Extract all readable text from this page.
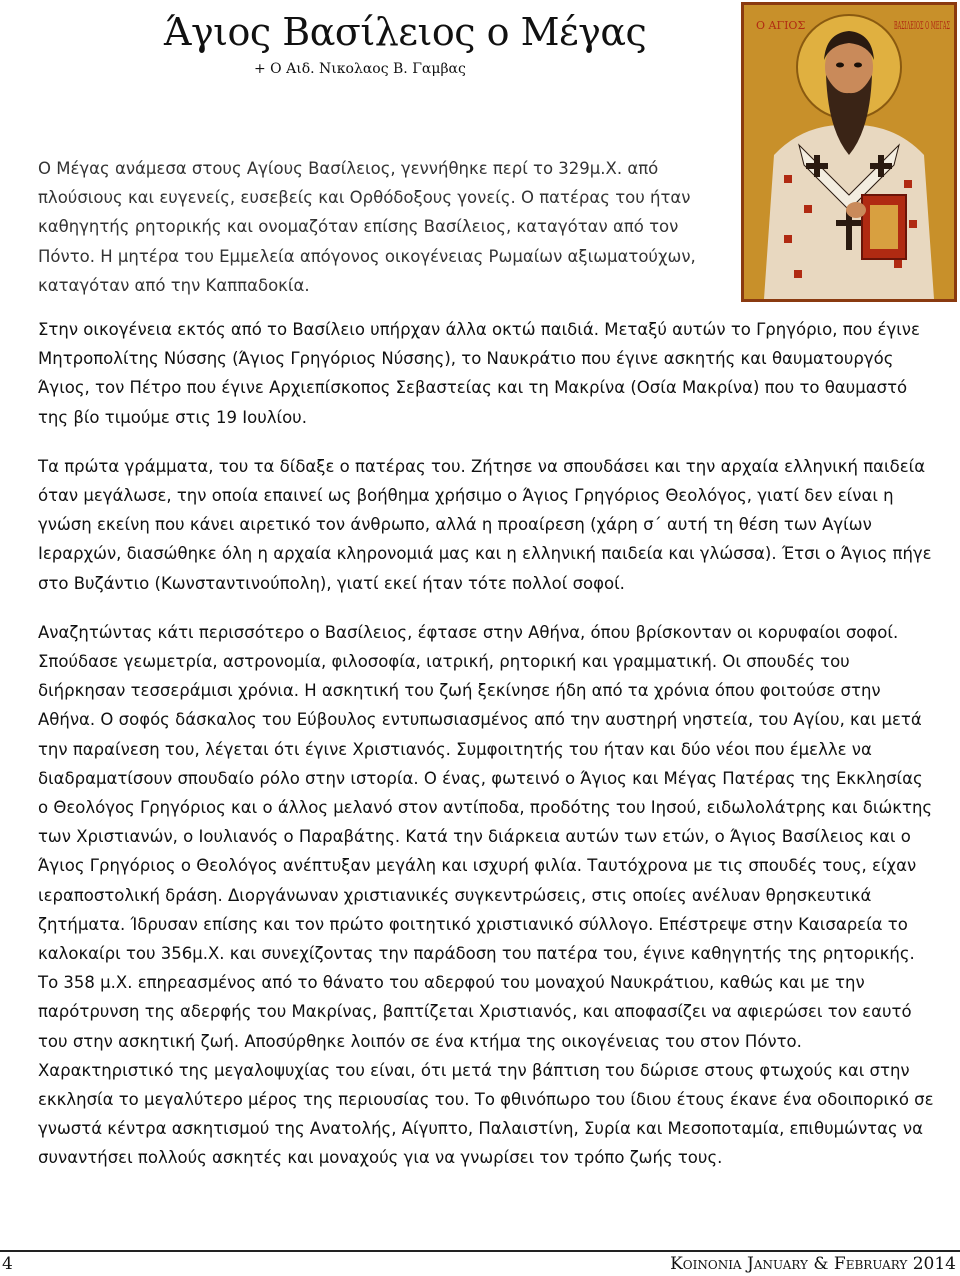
Άγιος Βασίλειος ο Μέγας
+ Ο Αιδ. Νικολαος Β. Γαμβας
Ο ΑΓΙΟΣ	ΒΑΣΙΛΕΙΟΣ Ο ΜΕΓΑΣ

Ο Μέγας ανάμεσα στους Αγίους Βασίλειος, γεννήθηκε περί το 329μ.Χ. από πλούσιους και ευγενείς, ευσεβείς και Ορθόδοξους γονείς. Ο πατέρας του ήταν καθηγητής ρητορικής και ονομαζόταν επίσης Βασίλειος, καταγόταν από τον Πόντο. Η μητέρα του Εμμελεία απόγονος οικογένειας Ρωμαίων αξιωματούχων, καταγόταν από την Καππαδοκία.

Στην οικογένεια εκτός από το Βασίλειο υπήρχαν άλλα οκτώ παιδιά. Μεταξύ αυτών το Γρηγόριο, που έγινε Μητροπολίτης Νύσσης (Άγιος Γρηγόριος Νύσσης), το Ναυκράτιο που έγινε ασκητής και θαυματουργός Άγιος, τον Πέτρο που έγινε Αρχιεπίσκοπος Σεβαστείας και τη Μακρίνα (Οσία Μακρίνα) που το θαυμαστό της βίο τιμούμε στις 19 Ιουλίου.

Τα πρώτα γράμματα, του τα δίδαξε ο πατέρας του. Ζήτησε να σπουδάσει και την αρχαία ελληνική παιδεία όταν μεγάλωσε, την οποία επαινεί ως βοήθημα χρήσιμο ο Άγιος Γρηγόριος Θεολόγος, γιατί δεν είναι η γνώση εκείνη που κάνει αιρετικό τον άνθρωπο, αλλά η προαίρεση (χάρη σ΄ αυτή τη θέση των Αγίων Ιεραρχών, διασώθηκε όλη η αρχαία κληρονομιά μας και η ελληνική παιδεία και γλώσσα). Έτσι ο Άγιος πήγε στο Βυζάντιο (Κωνσταντινούπολη), γιατί εκεί ήταν τότε πολλοί σοφοί.

Αναζητώντας κάτι περισσότερο ο Βασίλειος, έφτασε στην Αθήνα, όπου βρίσκονταν οι κορυφαίοι σοφοί. Σπούδασε γεωμετρία, αστρονομία, φιλοσοφία, ιατρική, ρητορική και γραμματική. Οι σπουδές του διήρκησαν τεσσεράμισι χρόνια. Η ασκητική του ζωή ξεκίνησε ήδη από τα χρόνια όπου φοιτούσε στην Αθήνα. Ο σοφός δάσκαλος του Εύβουλος εντυπωσιασμένος από την αυστηρή νηστεία, του Αγίου, και μετά την παραίνεση του, λέγεται ότι έγινε Χριστιανός. Συμφοιτητής του ήταν και δύο νέοι που έμελλε να διαδραματίσουν σπουδαίο ρόλο στην ιστορία. Ο ένας, φωτεινό ο Άγιος και Μέγας Πατέρας της Εκκλησίας ο Θεολόγος Γρηγόριος και ο άλλος μελανό στον αντίποδα, προδότης του Ιησού, ειδωλολάτρης και διώκτης των Χριστιανών, ο Ιουλιανός ο Παραβάτης. Κατά την διάρκεια αυτών των ετών, ο Άγιος Βασίλειος και ο Άγιος Γρηγόριος ο Θεολόγος ανέπτυξαν μεγάλη και ισχυρή φιλία. Ταυτόχρονα με τις σπουδές τους, είχαν ιεραποστολική δράση. Διοργάνωναν χριστιανικές συγκεντρώσεις, στις οποίες ανέλυαν θρησκευτικά ζητήματα. Ίδρυσαν επίσης και τον πρώτο φοιτητικό χριστιανικό σύλλογο. Επέστρεψε στην Καισαρεία το καλοκαίρι του 356μ.Χ. και συνεχίζοντας την παράδοση του πατέρα του, έγινε καθηγητής της ρητορικής. Το 358 μ.Χ. επηρεασμένος από το θάνατο του αδερφού του μοναχού Ναυκράτιου, καθώς και με την παρότρυνση της αδερφής του Μακρίνας, βαπτίζεται Χριστιανός, και αποφασίζει να αφιερώσει τον εαυτό του στην ασκητική ζωή. Αποσύρθηκε λοιπόν σε ένα κτήμα της οικογένειας του στον Πόντο. Χαρακτηριστικό της μεγαλοψυχίας του είναι, ότι μετά την βάπτιση του δώρισε στους φτωχούς και στην εκκλησία το μεγαλύτερο μέρος της περιουσίας του. Το φθινόπωρο του ίδιου έτους έκανε ένα οδοιπορικό σε γνωστά κέντρα ασκητισμού της Ανατολής, Αίγυπτο, Παλαιστίνη, Συρία και Μεσοποταμία, επιθυμώντας να συναντήσει πολλούς ασκητές και μοναχούς για να γνωρίσει τον τρόπο ζωής τους.

4	Koinonia January & February 2014
